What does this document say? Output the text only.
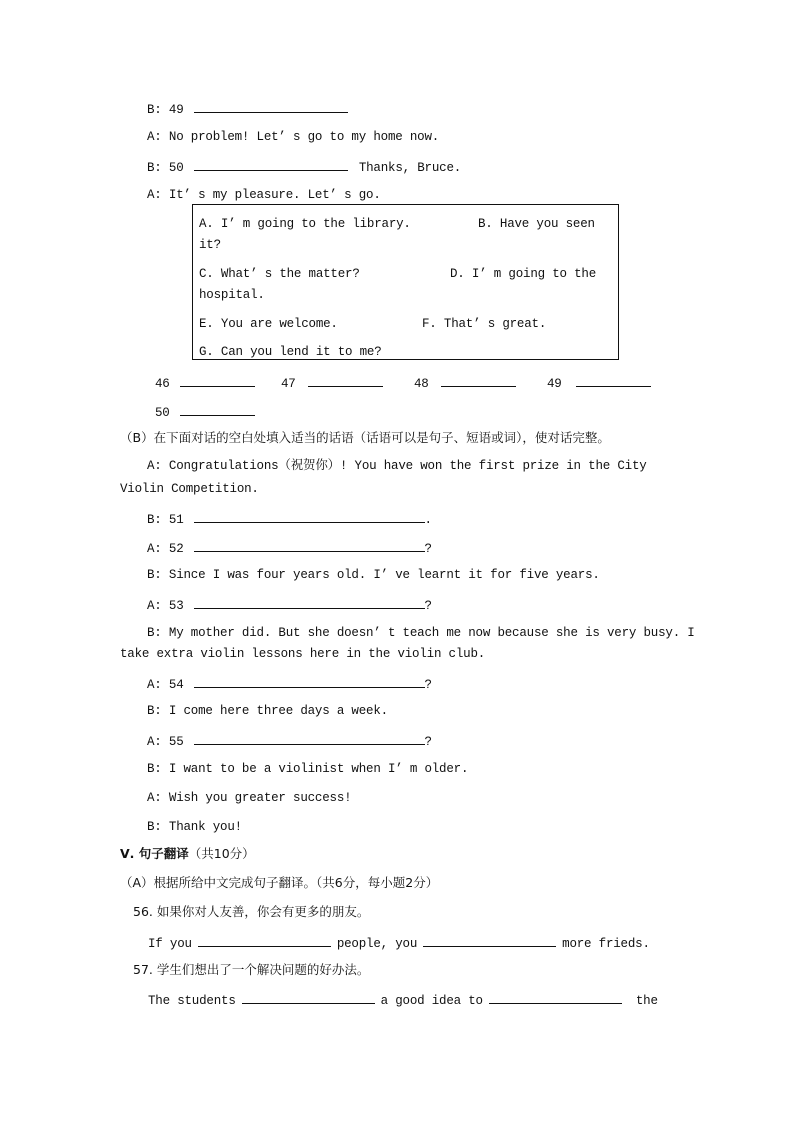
B: 49
A: No problem! Let’ s go to my home now.
B: 50	Thanks, Bruce.
A: It’ s my pleasure. Let’ s go.
A. I’ m going to the library.	B. Have you seen
it?
C. What’ s the matter?	D. I’ m going to the
hospital.
E. You are welcome.	F. That’ s great.
G. Can you lend it to me?
46	47	48	49
50
（B）在下面对话的空白处填入适当的话语（话语可以是句子、短语或词），使对话完整。
A: Congratulations（祝贺你）! You have won the first prize in the City
Violin Competition.
B: 51	.
A: 52	?
B: Since I was four years old. I’ ve learnt it for five years.
A: 53	?
B: My mother did. But she doesn’ t teach me now because she is very busy. I
take extra violin lessons here in the violin club.
A: 54	?
B: I come here three days a week.
A: 55	?
B: I want to be a violinist when I’ m older.
A: Wish you greater success!
B: Thank you!
Ⅴ. 句子翻译（共10分）
（A）根据所给中文完成句子翻译。（共6分，每小题2分）
56. 如果你对人友善，你会有更多的朋友。
If you	people, you	more frieds.
57. 学生们想出了一个解决问题的好办法。
The students	a good idea to	the
